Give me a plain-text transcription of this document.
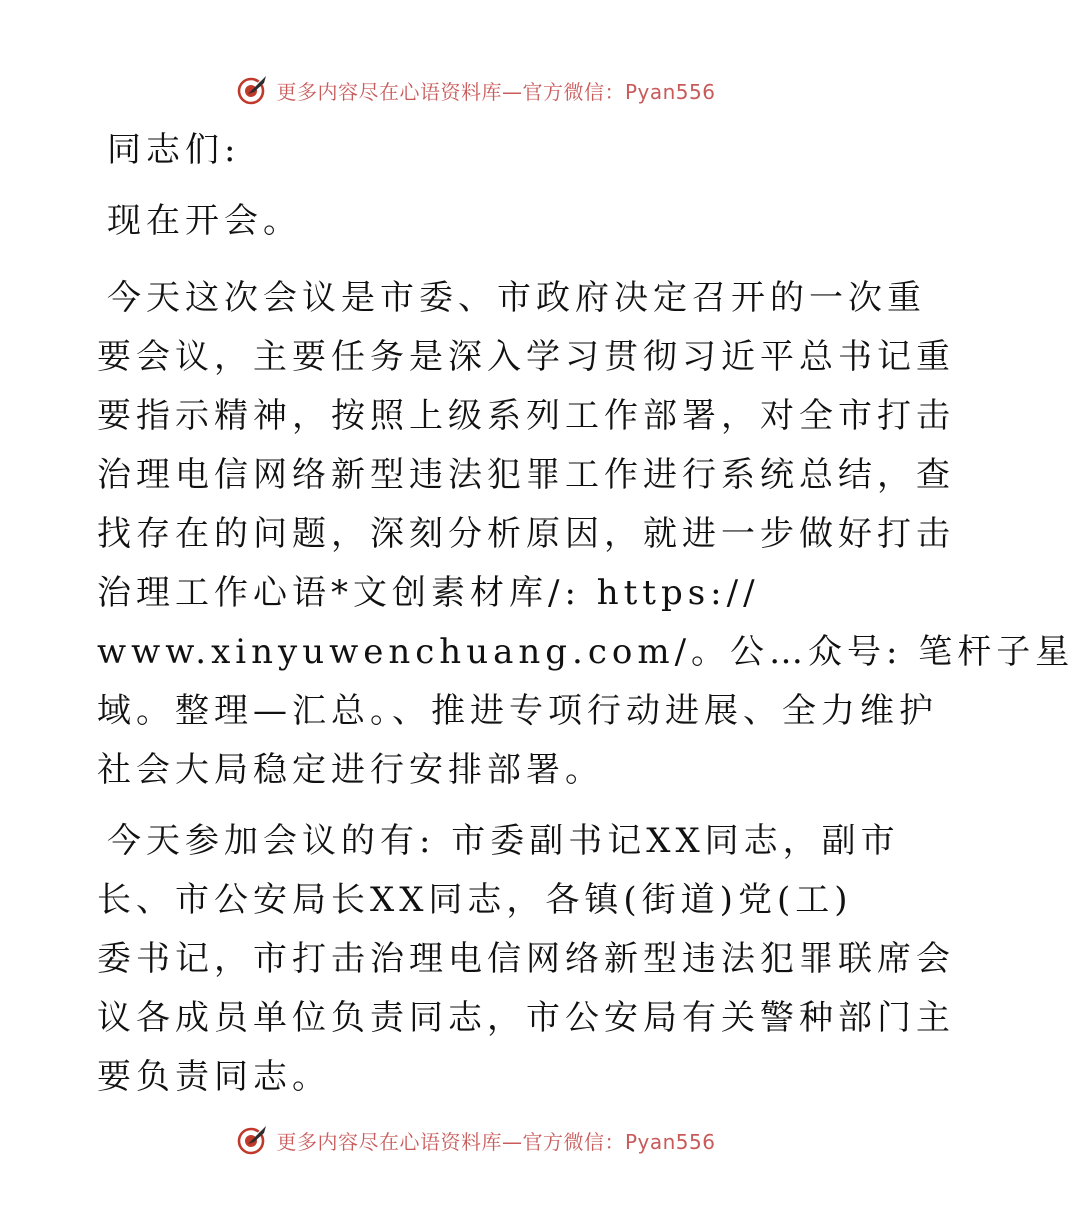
更多内容尽在心语资料库—官方微信：Pyan556
同志们:
现在开会。
今天这次会议是市委、市政府决定召开的一次重
要会议，主要任务是深入学习贯彻习近平总书记重
要指示精神，按照上级系列工作部署，对全市打击
治理电信网络新型违法犯罪工作进行系统总结，查
找存在的问题，深刻分析原因，就进一步做好打击
治理工作心语*文创素材库/: https://
www.xinyuwenchuang.com/。公…众号: 笔杆子星
域。整理—汇总。、推进专项行动进展、全力维护
社会大局稳定进行安排部署。
今天参加会议的有: 市委副书记XX同志，副市
长、市公安局长XX同志，各镇(街道)党(工)
委书记，市打击治理电信网络新型违法犯罪联席会
议各成员单位负责同志，市公安局有关警种部门主
要负责同志。
更多内容尽在心语资料库—官方微信：Pyan556
